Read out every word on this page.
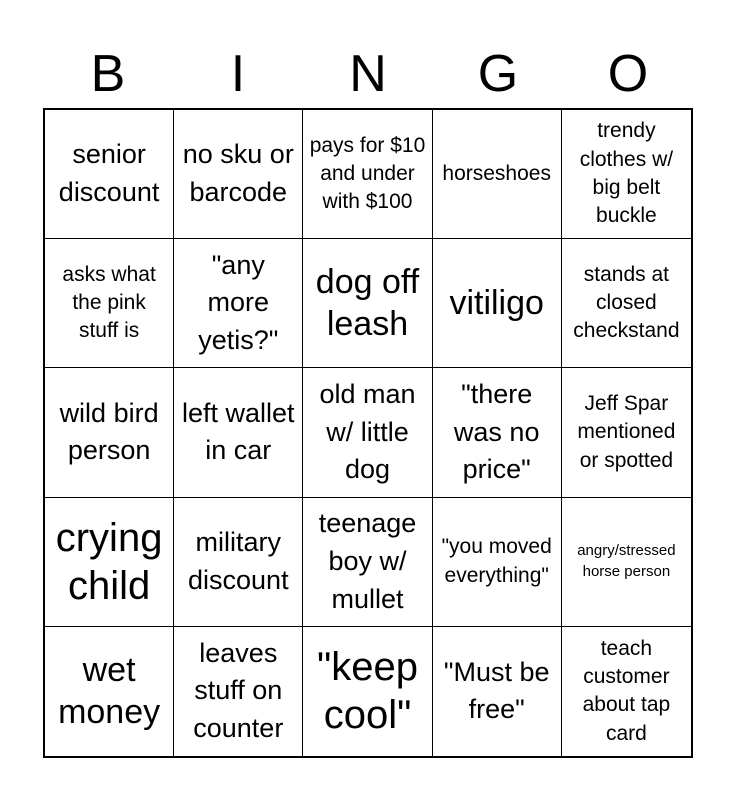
B	I	N	G	O
senior discount
no sku or barcode
pays for $10 and under with $100
horseshoes
trendy clothes w/ big belt buckle
asks what the pink stuff is
"any more yetis?"
dog off leash
vitiligo
stands at closed checkstand
wild bird person
left wallet in car
old man w/ little dog
"there was no price"
Jeff Spar mentioned or spotted
crying child
military discount
teenage boy w/ mullet
"you moved everything"
angry/stressed horse person
wet money
leaves stuff on counter
"keep cool"
"Must be free"
teach customer about tap card
